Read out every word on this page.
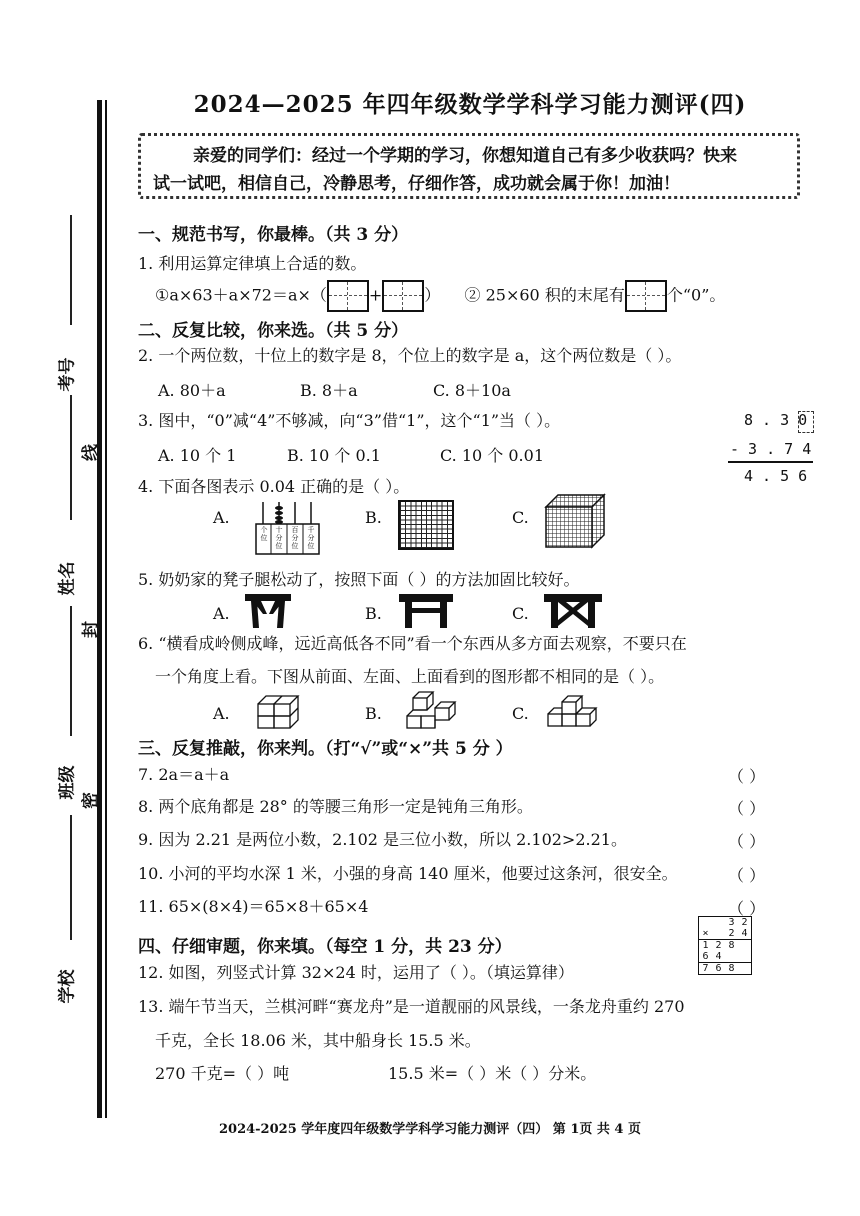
2024—2025 年四年级数学学科学习能力测评(四)
考号
线
姓名
封
班级
密
学校
亲爱的同学们：经过一个学期的学习，你想知道自己有多少收获吗？快来
试一试吧，相信自己，冷静思考，仔细作答，成功就会属于你！加油！
一、规范书写，你最棒。（共 3 分）
1. 利用运算定律填上合适的数。
①a×63＋a×72＝a×（	+	） ② 25×60 积的末尾有	个“0”。
二、反复比较，你来选。（共 5 分）
2. 一个两位数，十位上的数字是 8，个位上的数字是 a，这个两位数是（ ）。
A. 80＋a	B. 8＋a	C. 8＋10a
3. 图中，“0”减“4”不够减，向“3”借“1”，这个“1”当（ ）。
A. 10 个 1	B. 10 个 0.1	C. 10 个 0.01
8 . 3 0
- 3 . 7 4
4 . 5 6
4. 下面各图表示 0.04 正确的是（ ）。
A.
个位
十分位
百分位
千分位
B.	C.
5. 奶奶家的凳子腿松动了，按照下面（ ）的方法加固比较好。
A.	B.	C.
6. “横看成岭侧成峰，远近高低各不同”看一个东西从多方面去观察，不要只在
一个角度上看。下图从前面、左面、上面看到的图形都不相同的是（ ）。
A.	B.	C.
三、反复推敲，你来判。（打“√”或“×”共 5 分 ）
7. 2a＝a＋a	（ ）
8. 两个底角都是 28° 的等腰三角形一定是钝角三角形。	（ ）
9. 因为 2.21 是两位小数，2.102 是三位小数，所以 2.102>2.21。	（ ）
10. 小河的平均水深 1 米，小强的身高 140 厘米，他要过这条河，很安全。	（ ）
11. 65×(8×4)＝65×8＋65×4	（ ）
四、仔细审题，你来填。（每空 1 分，共 23 分）
12. 如图，列竖式计算 32×24 时，运用了（ ）。（填运算律）
		3	2
×		2	4
1	2	8	
6	4		
7	6	8	
13. 端午节当天，兰棋河畔“赛龙舟”是一道靓丽的风景线，一条龙舟重约 270
千克，全长 18.06 米，其中船身长 15.5 米。
270 千克=（ ）吨	15.5 米=（ ）米（ ）分米。
2024-2025 学年度四年级数学学科学习能力测评（四） 第 1页 共 4 页
